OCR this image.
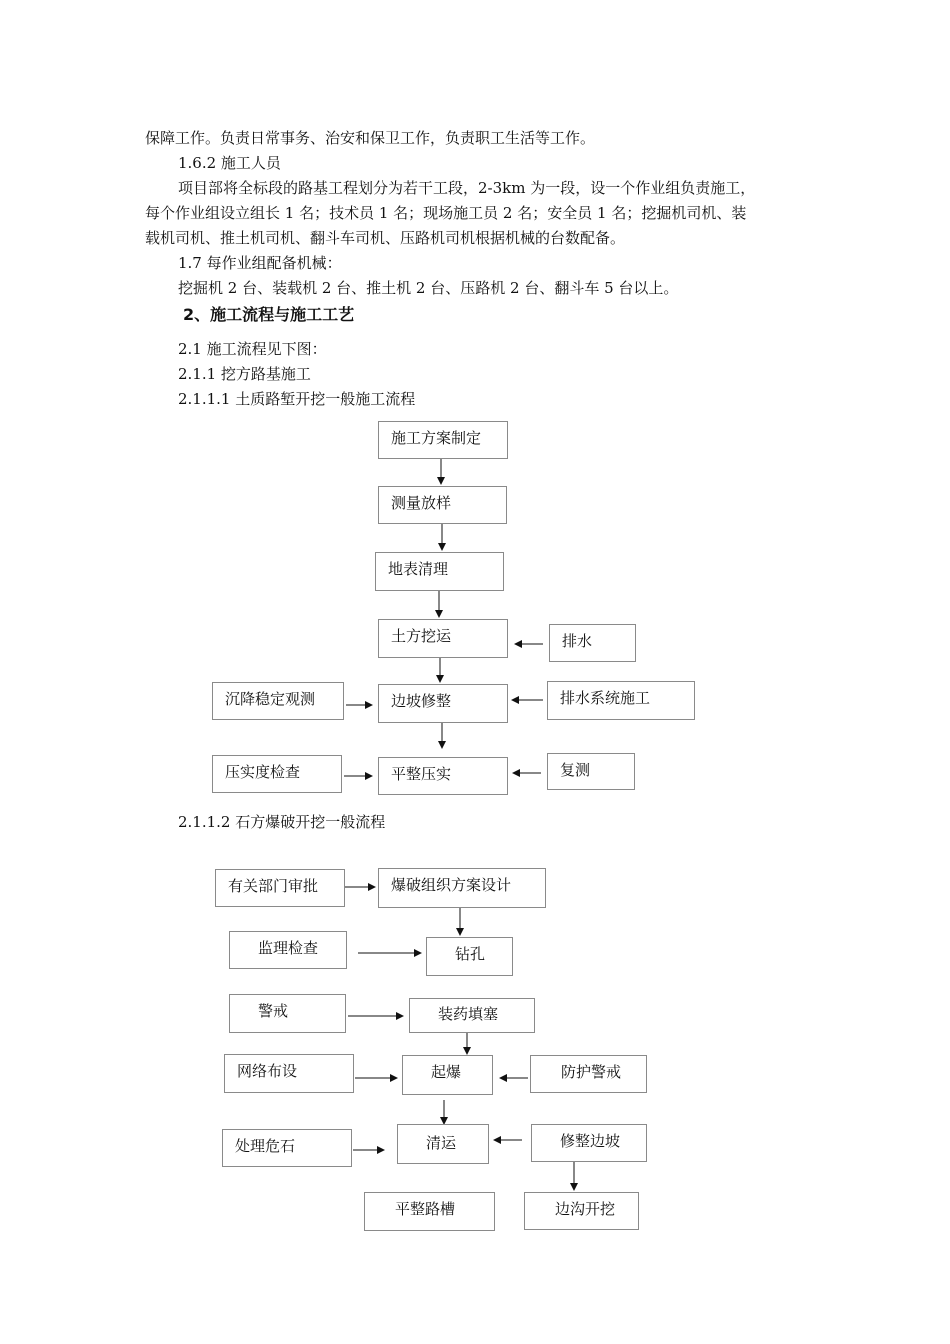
保障工作。负责日常事务、治安和保卫工作，负责职工生活等工作。
1.6.2 施工人员
项目部将全标段的路基工程划分为若干工段，2-3km 为一段，设一个作业组负责施工，
每个作业组设立组长 1 名；技术员 1 名；现场施工员 2 名；安全员 1 名；挖掘机司机、装
载机司机、推土机司机、翻斗车司机、压路机司机根据机械的台数配备。
1.7 每作业组配备机械：
挖掘机 2 台、装载机 2 台、推土机 2 台、压路机 2 台、翻斗车 5 台以上。
2、施工流程与施工工艺
2.1 施工流程见下图：
2.1.1 挖方路基施工
2.1.1.1 土质路堑开挖一般施工流程
2.1.1.2 石方爆破开挖一般流程
施工方案制定
测量放样
地表清理
土方挖运	排水
沉降稳定观测	边坡修整	排水系统施工
压实度检查	平整压实	复测
有关部门审批	爆破组织方案设计
监理检查	钻孔
警戒	装药填塞
网络布设	起爆	防护警戒
处理危石	清运	修整边坡
平整路槽	边沟开挖
